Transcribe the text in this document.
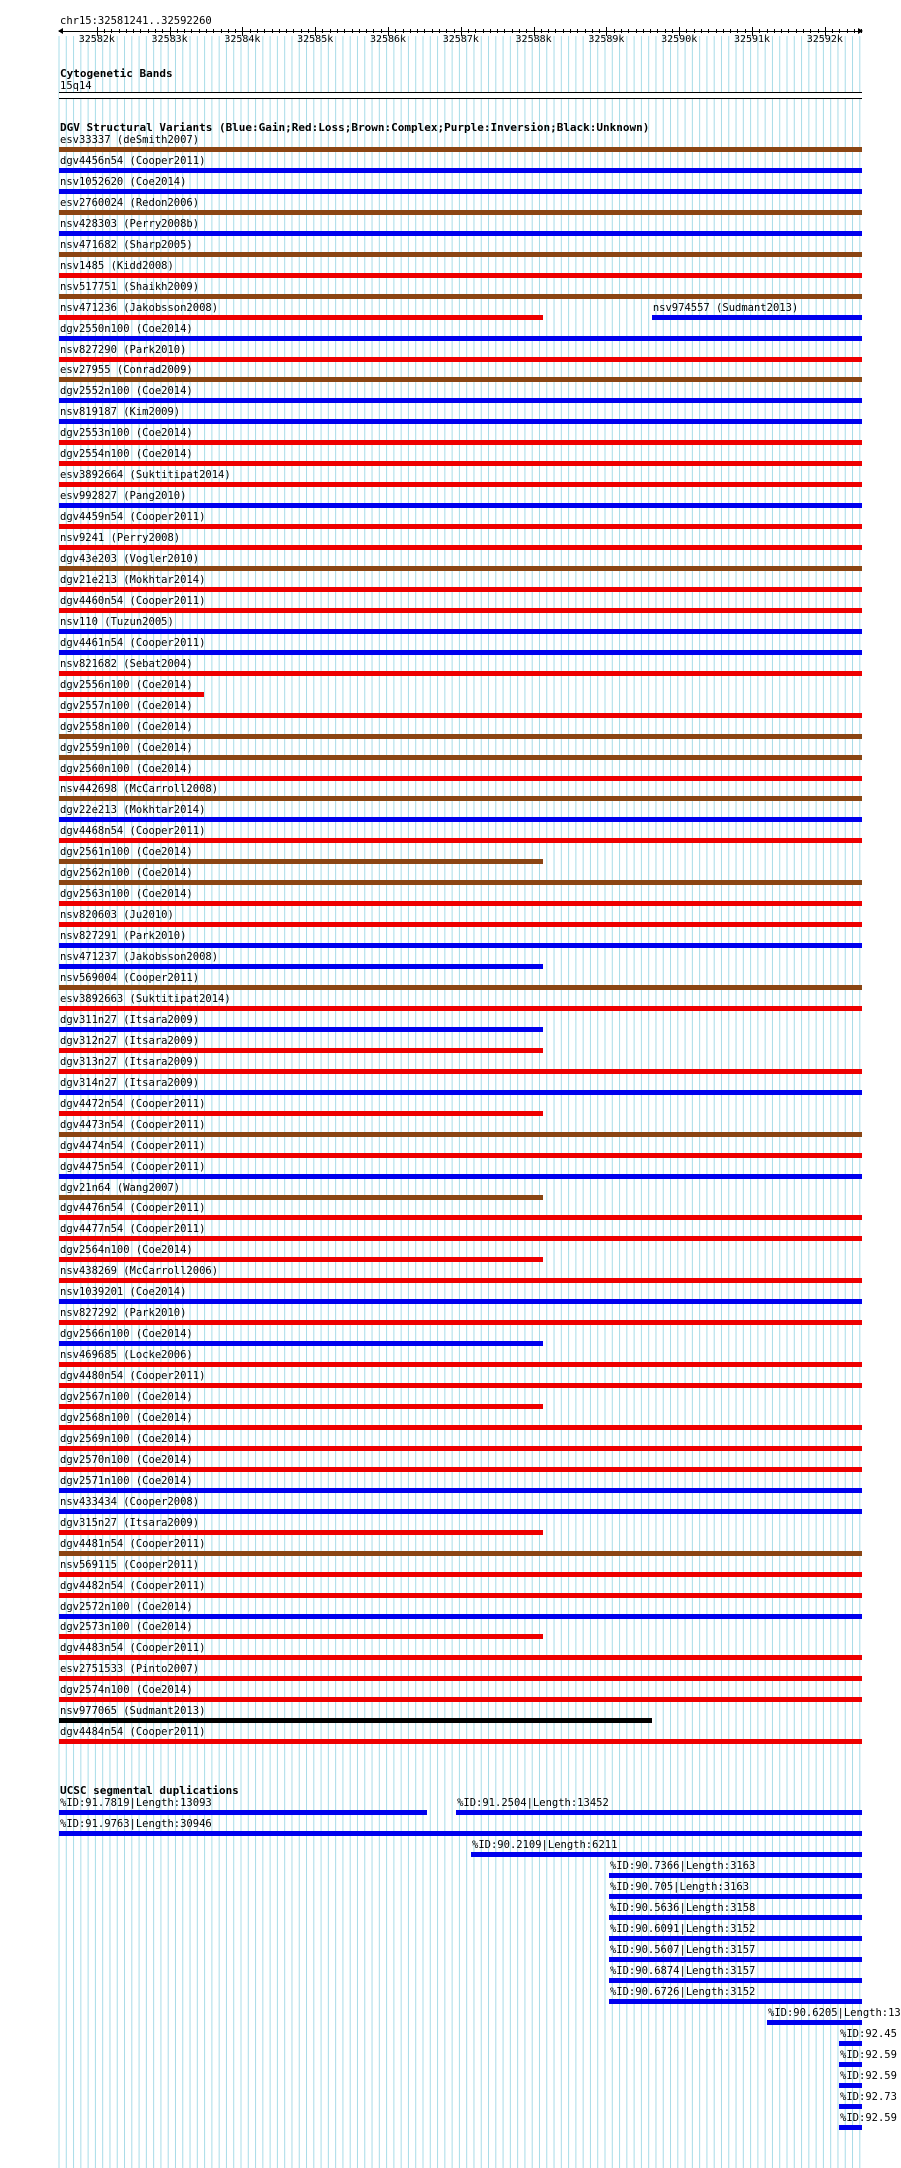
chr15:32581241..32592260
32582k	32583k	32584k	32585k	32586k	32587k	32588k	32589k	32590k	32591k	32592k
Cytogenetic Bands
15q14
DGV Structural Variants (Blue:Gain;Red:Loss;Brown:Complex;Purple:Inversion;Black:Unknown)
esv33337 (deSmith2007)
dgv4456n54 (Cooper2011)
nsv1052620 (Coe2014)
esv2760024 (Redon2006)
nsv428303 (Perry2008b)
nsv471682 (Sharp2005)
nsv1485 (Kidd2008)
nsv517751 (Shaikh2009)
nsv471236 (Jakobsson2008)	nsv974557 (Sudmant2013)
dgv2550n100 (Coe2014)
nsv827290 (Park2010)
esv27955 (Conrad2009)
dgv2552n100 (Coe2014)
nsv819187 (Kim2009)
dgv2553n100 (Coe2014)
dgv2554n100 (Coe2014)
esv3892664 (Suktitipat2014)
esv992827 (Pang2010)
dgv4459n54 (Cooper2011)
nsv9241 (Perry2008)
dgv43e203 (Vogler2010)
dgv21e213 (Mokhtar2014)
dgv4460n54 (Cooper2011)
nsv110 (Tuzun2005)
dgv4461n54 (Cooper2011)
nsv821682 (Sebat2004)
dgv2556n100 (Coe2014)
dgv2557n100 (Coe2014)
dgv2558n100 (Coe2014)
dgv2559n100 (Coe2014)
dgv2560n100 (Coe2014)
nsv442698 (McCarroll2008)
dgv22e213 (Mokhtar2014)
dgv4468n54 (Cooper2011)
dgv2561n100 (Coe2014)
dgv2562n100 (Coe2014)
dgv2563n100 (Coe2014)
nsv820603 (Ju2010)
nsv827291 (Park2010)
nsv471237 (Jakobsson2008)
nsv569004 (Cooper2011)
esv3892663 (Suktitipat2014)
dgv311n27 (Itsara2009)
dgv312n27 (Itsara2009)
dgv313n27 (Itsara2009)
dgv314n27 (Itsara2009)
dgv4472n54 (Cooper2011)
dgv4473n54 (Cooper2011)
dgv4474n54 (Cooper2011)
dgv4475n54 (Cooper2011)
dgv21n64 (Wang2007)
dgv4476n54 (Cooper2011)
dgv4477n54 (Cooper2011)
dgv2564n100 (Coe2014)
nsv438269 (McCarroll2006)
nsv1039201 (Coe2014)
nsv827292 (Park2010)
dgv2566n100 (Coe2014)
nsv469685 (Locke2006)
dgv4480n54 (Cooper2011)
dgv2567n100 (Coe2014)
dgv2568n100 (Coe2014)
dgv2569n100 (Coe2014)
dgv2570n100 (Coe2014)
dgv2571n100 (Coe2014)
nsv433434 (Cooper2008)
dgv315n27 (Itsara2009)
dgv4481n54 (Cooper2011)
nsv569115 (Cooper2011)
dgv4482n54 (Cooper2011)
dgv2572n100 (Coe2014)
dgv2573n100 (Coe2014)
dgv4483n54 (Cooper2011)
esv2751533 (Pinto2007)
dgv2574n100 (Coe2014)
nsv977065 (Sudmant2013)
dgv4484n54 (Cooper2011)
UCSC segmental duplications
%ID:91.7819|Length:13093	%ID:91.2504|Length:13452
%ID:91.9763|Length:30946
%ID:90.2109|Length:6211
%ID:90.7366|Length:3163
%ID:90.705|Length:3163
%ID:90.5636|Length:3158
%ID:90.6091|Length:3152
%ID:90.5607|Length:3157
%ID:90.6874|Length:3157
%ID:90.6726|Length:3152
%ID:90.6205|Length:13
%ID:92.45
%ID:92.59
%ID:92.59
%ID:92.73
%ID:92.59
